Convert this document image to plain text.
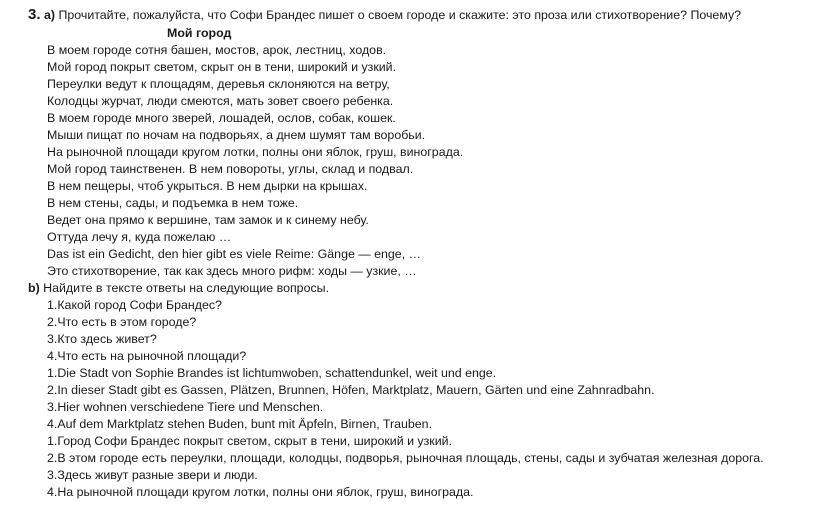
3. a) Прочитайте, пожалуйста, что Софи Брандес пишет о своем городе и скажите: это проза или стихотворение? Почему?
Мой город
В моем городе сотня башен, мостов, арок, лестниц, ходов.
Мой город покрыт светом, скрыт он в тени, широкий и узкий.
Переулки ведут к площадям, деревья склоняются на ветру,
Колодцы журчат, люди смеются, мать зовет своего ребенка.
В моем городе много зверей, лошадей, ослов, собак, кошек.
Мыши пищат по ночам на подворьях, а днем шумят там воробьи.
На рыночной площади кругом лотки, полны они яблок, груш, винограда.
Мой город таинственен. В нем повороты, углы, склад и подвал.
В нем пещеры, чтоб укрыться. В нем дырки на крышах.
В нем стены, сады, и подъемка в нем тоже.
Ведет она прямо к вершине, там замок и к синему небу.
Оттуда лечу я, куда пожелаю …
Das ist ein Gedicht, den hier gibt es viele Reime: Gänge — enge, …
Это стихотворение, так как здесь много рифм: ходы — узкие, …
b) Найдите в тексте ответы на следующие вопросы.
1.Какой город Софи Брандес?
2.Что есть в этом городе?
3.Кто здесь живет?
4.Что есть на рыночной площади?
1.Die Stadt von Sophie Brandes ist lichtumwoben, schattendunkel, weit und enge.
2.In dieser Stadt gibt es Gassen, Plätzen, Brunnen, Höfen, Marktplatz, Mauern, Gärten und eine Zahnradbahn.
3.Hier wohnen verschiedene Tiere und Menschen.
4.Auf dem Marktplatz stehen Buden, bunt mit Äpfeln, Birnen, Trauben.
1.Город Софи Брандес покрыт светом, скрыт в тени, широкий и узкий.
2.В этом городе есть переулки, площади, колодцы, подворья, рыночная площадь, стены, сады и зубчатая железная дорога.
3.Здесь живут разные звери и люди.
4.На рыночной площади кругом лотки, полны они яблок, груш, винограда.
